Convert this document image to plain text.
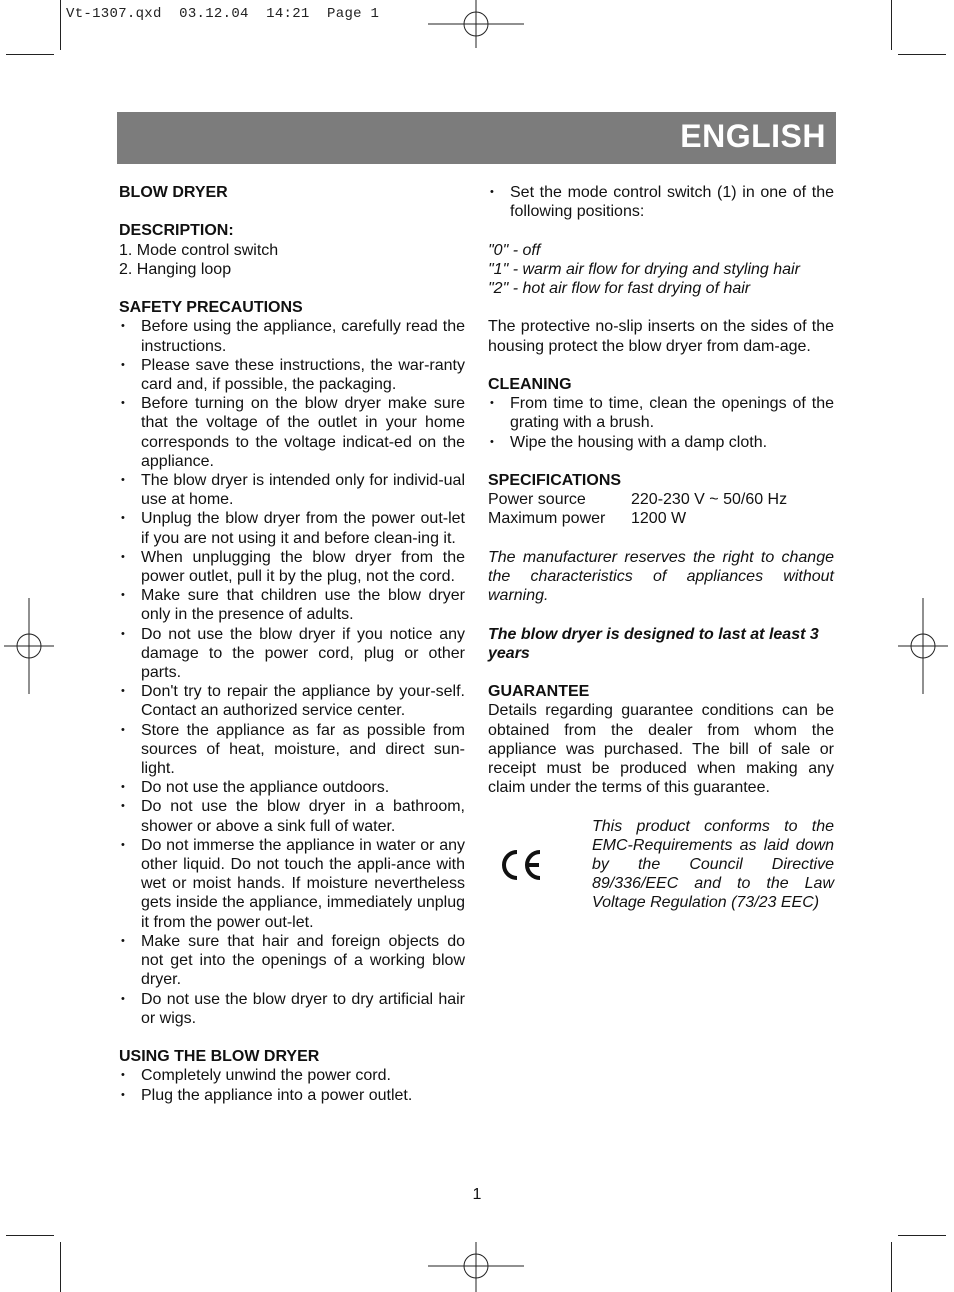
Vt-1307.qxd  03.12.04  14:21  Page 1
ENGLISH

BLOW DRYER

DESCRIPTION:

1. Mode control switch
2. Hanging loop

SAFETY PRECAUTIONS

• Before using the appliance, carefully read the instructions.
• Please save these instructions, the war-ranty card and, if possible, the packaging.
• Before turning on the blow dryer make sure that the voltage of the outlet in your home corresponds to the voltage indicat-ed on the appliance.
• The blow dryer is intended only for individ-ual use at home.
• Unplug the blow dryer from the power out-let if you are not using it and before clean-ing it.
• When unplugging the blow dryer from the power outlet, pull it by the plug, not the cord.
• Make sure that children use the blow dryer only in the presence of adults.
• Do not use the blow dryer if you notice any damage to the power cord, plug or other parts.
• Don't try to repair the appliance by your-self. Contact an authorized service center.
• Store the appliance as far as possible from sources of heat, moisture, and direct sun-light.
• Do not use the appliance outdoors.
• Do not use the blow dryer in a bathroom, shower or above a sink full of water.
• Do not immerse the appliance in water or any other liquid. Do not touch the appli-ance with wet or moist hands. If moisture nevertheless gets inside the appliance, immediately unplug it from the power out-let.
• Make sure that hair and foreign objects do not get into the openings of a working blow dryer.
• Do not use the blow dryer to dry artificial hair or wigs.

USING THE BLOW DRYER

• Completely unwind the power cord.
• Plug the appliance into a power outlet.
• Set the mode control switch (1) in one of the following positions:

"0" - off

"1" - warm air flow for drying and styling hair

"2" - hot air flow for fast drying of hair

The protective no-slip inserts on the sides of the housing protect the blow dryer from dam-age.

CLEANING

• From time to time, clean the openings of the grating with a brush.
• Wipe the housing with a damp cloth.

SPECIFICATIONS

Power source	220-230 V ~ 50/60 Hz
Maximum power	1200 W

The manufacturer reserves the right to change the characteristics of appliances without warning.

The blow dryer is designed to last at least 3 years

GUARANTEE

Details regarding guarantee conditions can be obtained from the dealer from whom the appliance was purchased. The bill of sale or receipt must be produced when making any claim under the terms of this guarantee.

This product conforms to the EMC-Requirements as laid down by the Council Directive 89/336/EEC and to the Law Voltage Regulation (73/23 EEC)

1
